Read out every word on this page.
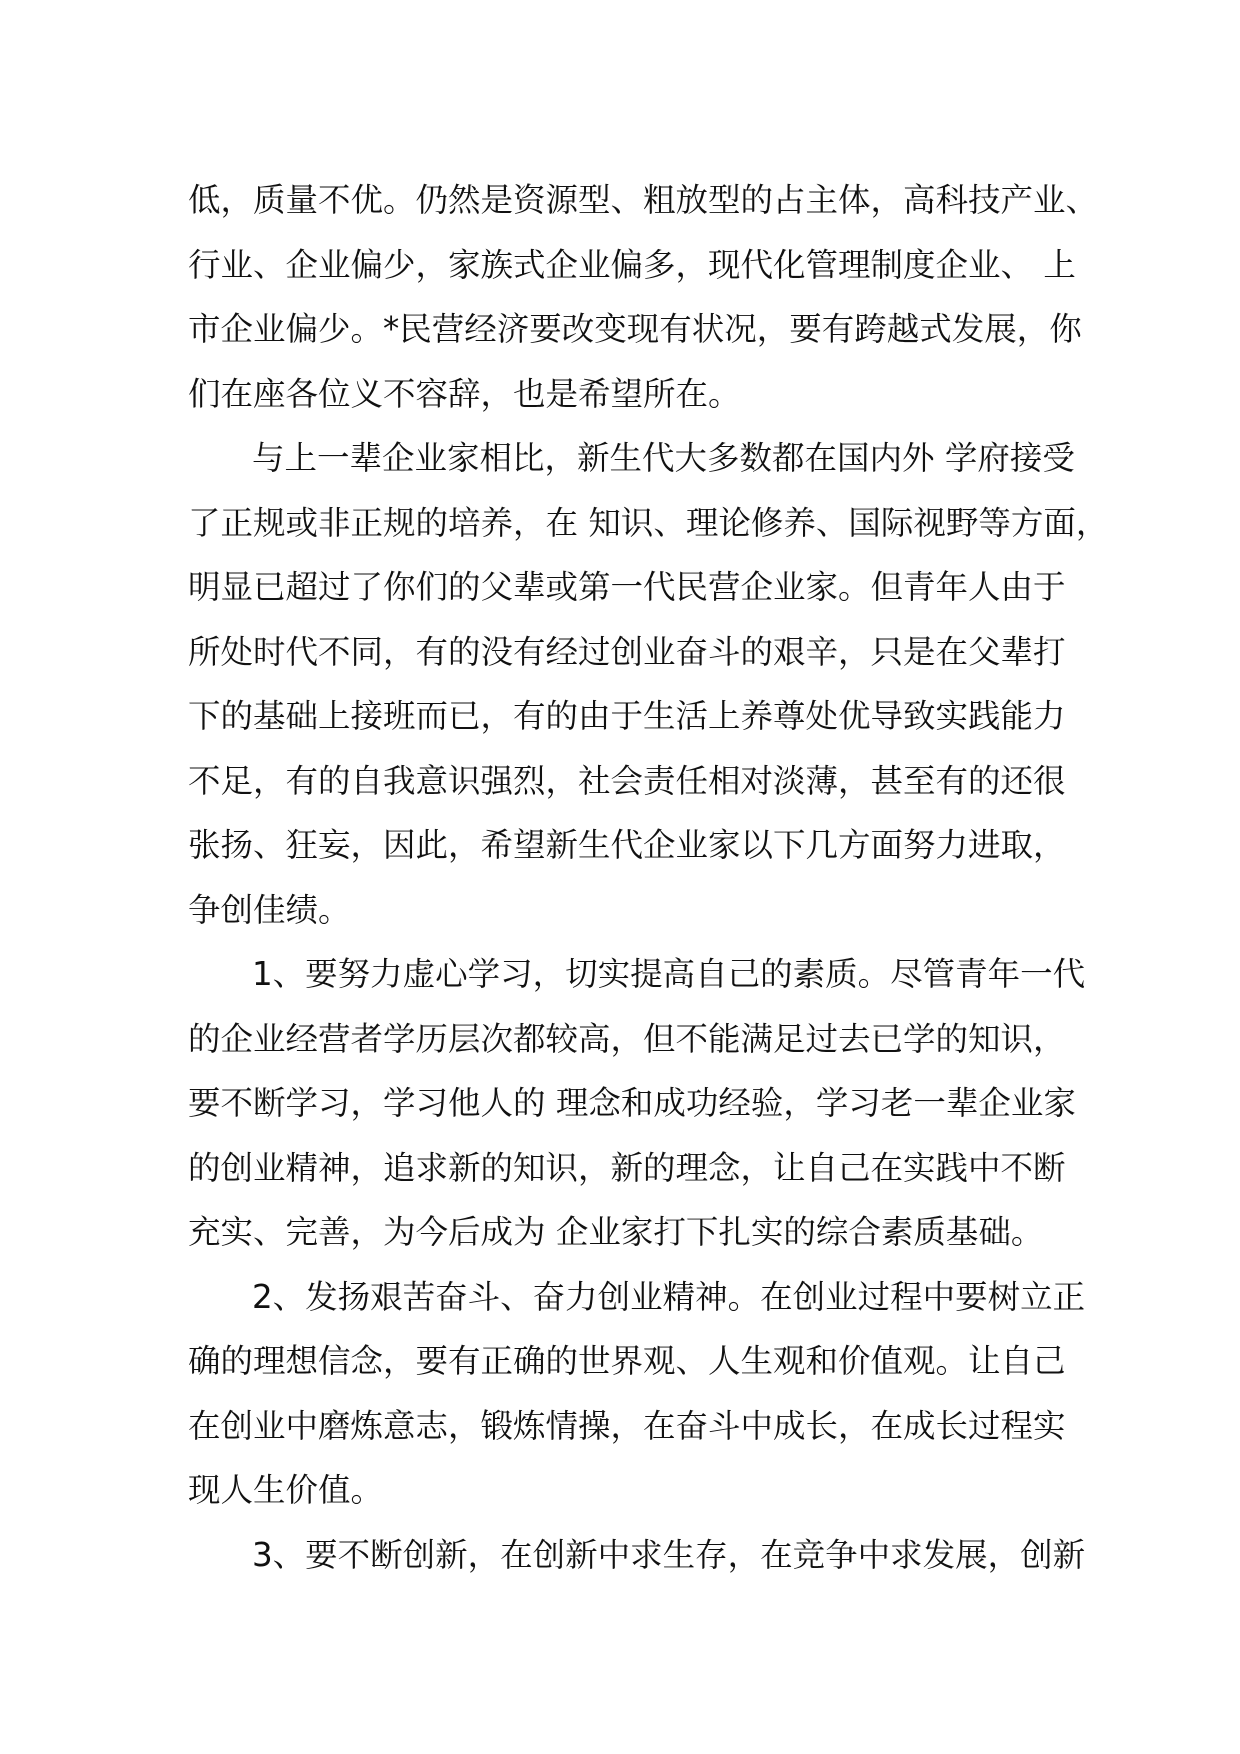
低，质量不优。仍然是资源型、粗放型的占主体，高科技产业、
行业、企业偏少，家族式企业偏多，现代化管理制度企业、 上
市企业偏少。*民营经济要改变现有状况，要有跨越式发展，你
们在座各位义不容辞，也是希望所在。
与上一辈企业家相比，新生代大多数都在国内外 学府接受
了正规或非正规的培养，在 知识、理论修养、国际视野等方面，
明显已超过了你们的父辈或第一代民营企业家。但青年人由于
所处时代不同，有的没有经过创业奋斗的艰辛，只是在父辈打
下的基础上接班而已，有的由于生活上养尊处优导致实践能力
不足，有的自我意识强烈，社会责任相对淡薄，甚至有的还很
张扬、狂妄，因此，希望新生代企业家以下几方面努力进取，
争创佳绩。
1、要努力虚心学习，切实提高自己的素质。尽管青年一代
的企业经营者学历层次都较高，但不能满足过去已学的知识，
要不断学习，学习他人的 理念和成功经验，学习老一辈企业家
的创业精神，追求新的知识，新的理念，让自己在实践中不断
充实、完善，为今后成为 企业家打下扎实的综合素质基础。
2、发扬艰苦奋斗、奋力创业精神。在创业过程中要树立正
确的理想信念，要有正确的世界观、人生观和价值观。让自己
在创业中磨炼意志，锻炼情操，在奋斗中成长，在成长过程实
现人生价值。
3、要不断创新，在创新中求生存，在竞争中求发展，创新
